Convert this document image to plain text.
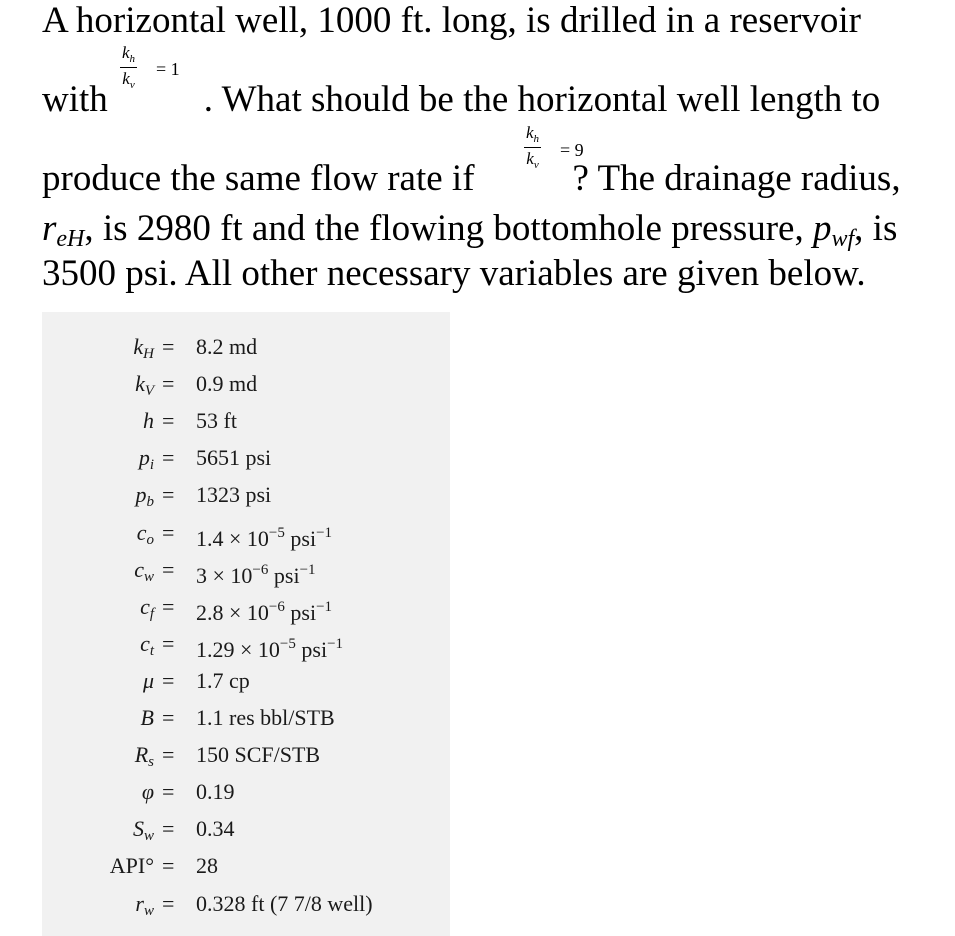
A horizontal well, 1000 ft. long, is drilled in a reservoir
with	. What should be the horizontal well length to
$\frac{k_h}{k_v} = 1$
produce the same flow rate if	? The drainage radius,
$\frac{k_h}{k_v} = 9$
$r_{eH}$, is 2980 ft and the flowing bottomhole pressure, $p_{wf}$, is
3500 psi. All other necessary variables are given below.
kH = 8.2 md
kV = 0.9 md
h = 53 ft
pi = 5651 psi
pb = 1323 psi
co = $1.4 \times 10^{-5}$ psi$^{-1}$
cw = $3 \times 10^{-6}$ psi$^{-1}$
cf = $2.8 \times 10^{-6}$ psi$^{-1}$
ct = $1.29 \times 10^{-5}$ psi$^{-1}$
μ = 1.7 cp
B = 1.1 res bbl/STB
Rs = 150 SCF/STB
φ = 0.19
Sw = 0.34
API° = 28
rw = 0.328 ft (7 7/8 well)
